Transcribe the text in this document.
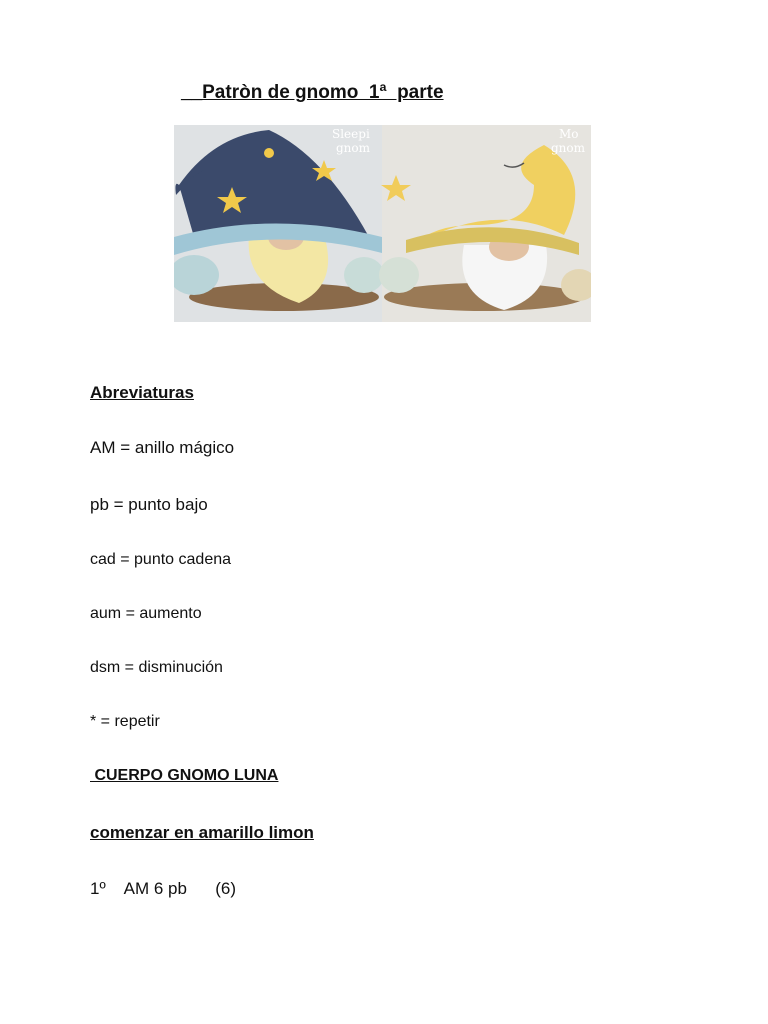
__Patròn de gnomo  1ª  parte
Sleepi
gnom
Mo
gnom
Abreviaturas
AM = anillo mágico
pb = punto bajo
cad = punto cadena
aum = aumento
dsm = disminución
* = repetir
CUERPO GNOMO LUNA
comenzar en amarillo limon
1º    AM 6 pb      (6)
